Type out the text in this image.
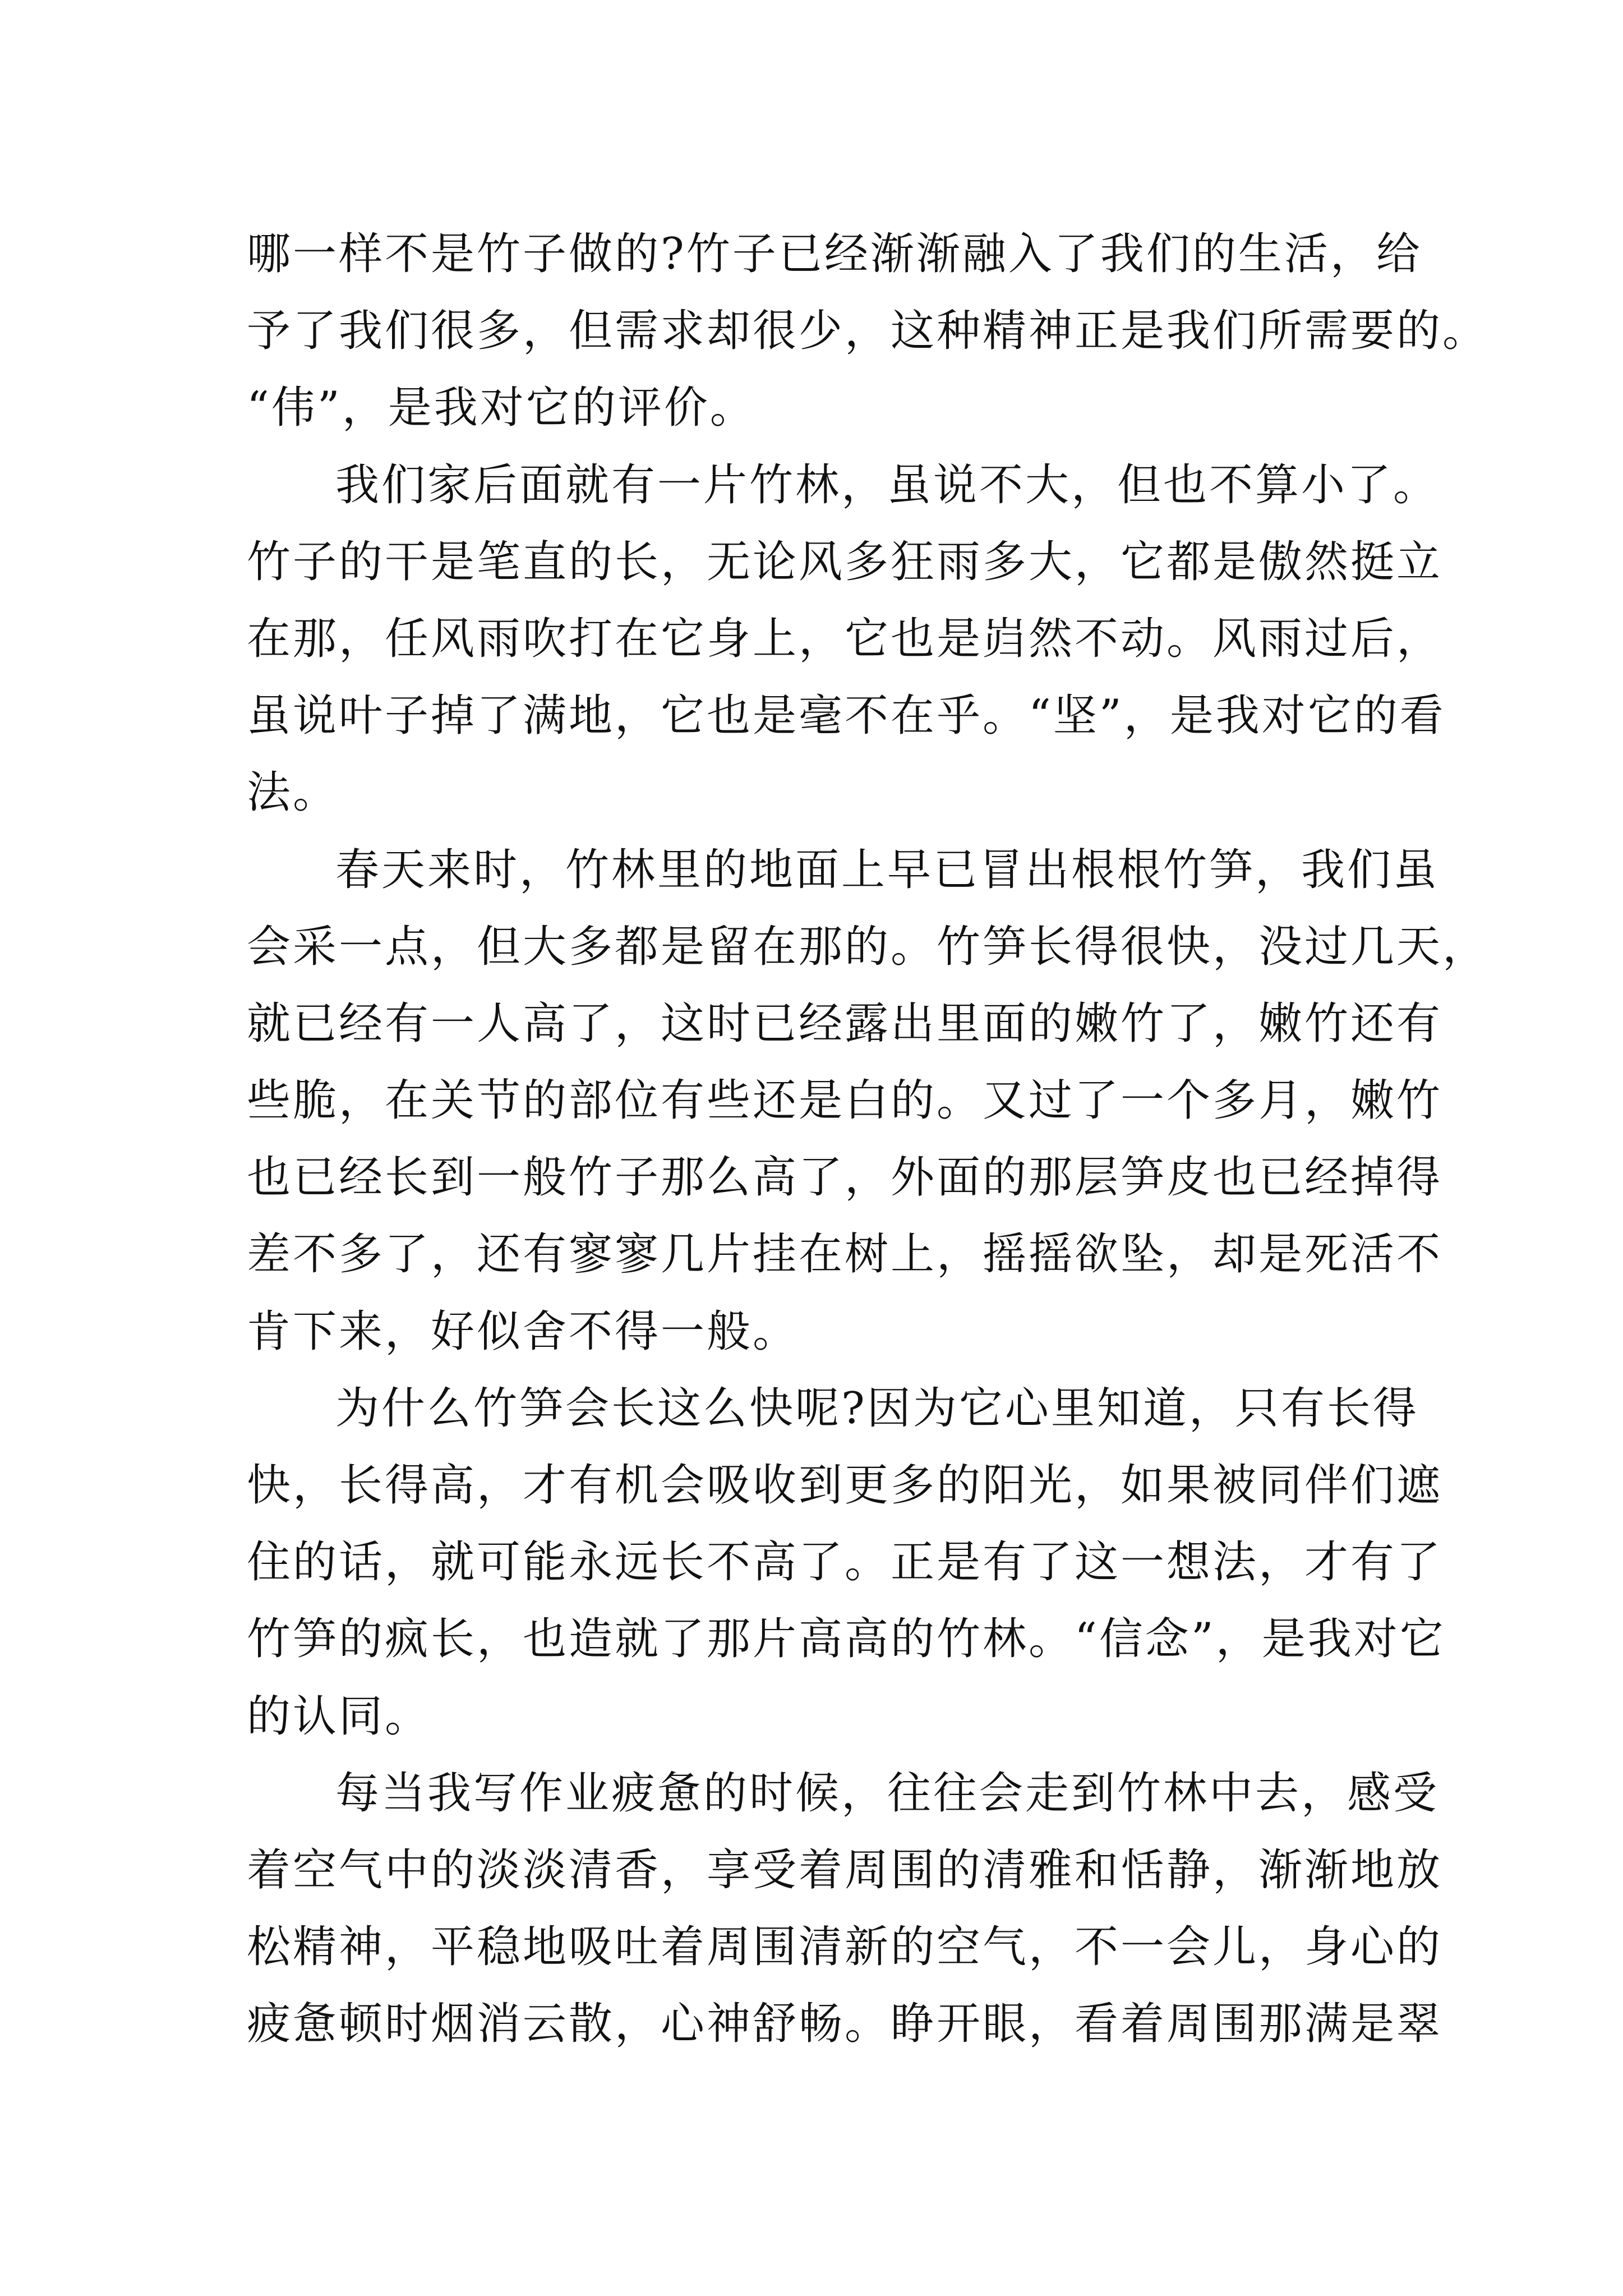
哪一样不是竹子做的?竹子已经渐渐融入了我们的生活，给
予了我们很多，但需求却很少，这种精神正是我们所需要的。
“伟”，是我对它的评价。
我们家后面就有一片竹林，虽说不大，但也不算小了。
竹子的干是笔直的长，无论风多狂雨多大，它都是傲然挺立
在那，任风雨吹打在它身上，它也是岿然不动。风雨过后，
虽说叶子掉了满地，它也是毫不在乎。“坚”，是我对它的看
法。
春天来时，竹林里的地面上早已冒出根根竹笋，我们虽
会采一点，但大多都是留在那的。竹笋长得很快，没过几天，
就已经有一人高了，这时已经露出里面的嫩竹了，嫩竹还有
些脆，在关节的部位有些还是白的。又过了一个多月，嫩竹
也已经长到一般竹子那么高了，外面的那层笋皮也已经掉得
差不多了，还有寥寥几片挂在树上，摇摇欲坠，却是死活不
肯下来，好似舍不得一般。
为什么竹笋会长这么快呢?因为它心里知道，只有长得
快，长得高，才有机会吸收到更多的阳光，如果被同伴们遮
住的话，就可能永远长不高了。正是有了这一想法，才有了
竹笋的疯长，也造就了那片高高的竹林。“信念”，是我对它
的认同。
每当我写作业疲惫的时候，往往会走到竹林中去，感受
着空气中的淡淡清香，享受着周围的清雅和恬静，渐渐地放
松精神，平稳地吸吐着周围清新的空气，不一会儿，身心的
疲惫顿时烟消云散，心神舒畅。睁开眼，看着周围那满是翠
